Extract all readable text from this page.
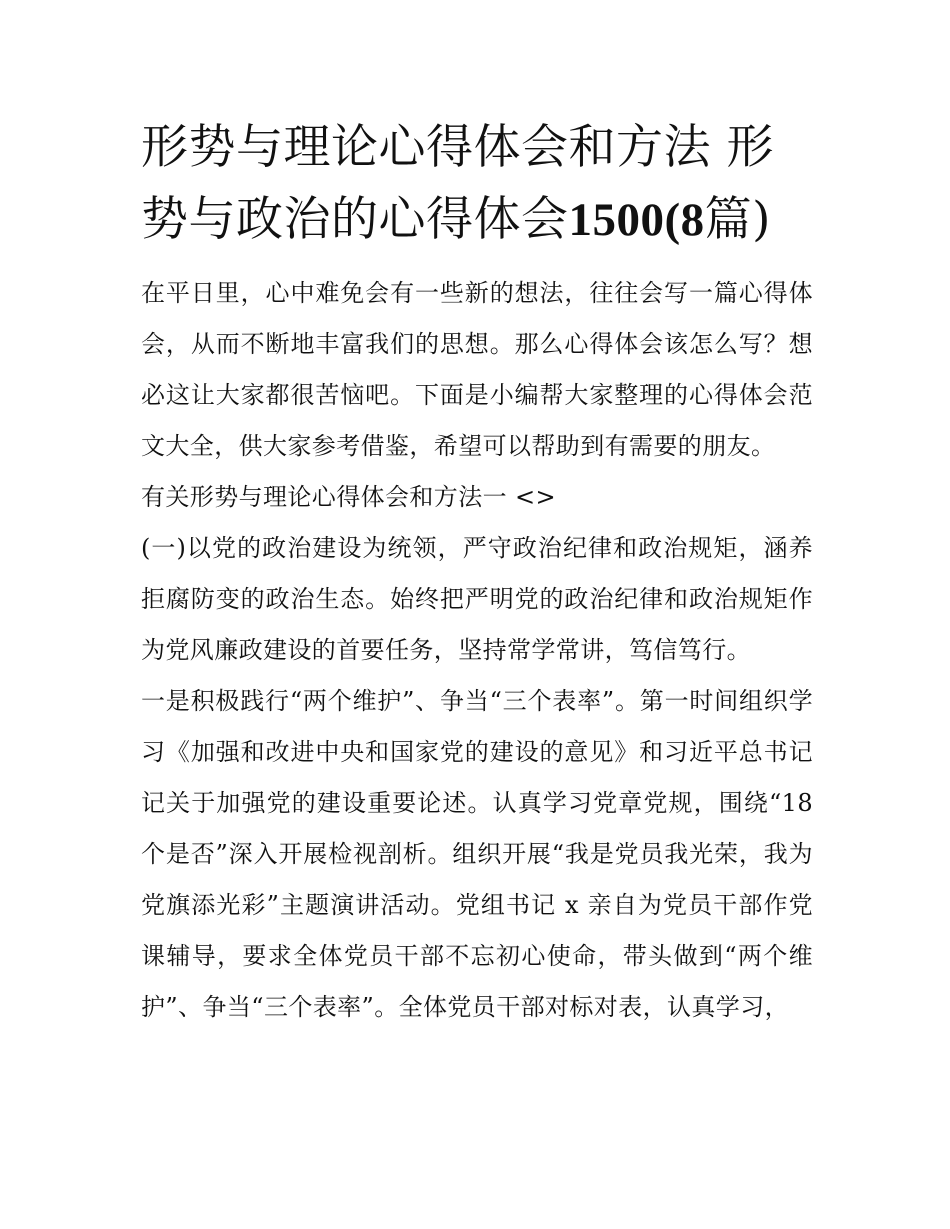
形势与理论心得体会和方法 形势与政治的心得体会1500(8篇)

在平日里，心中难免会有一些新的想法，往往会写一篇心得体会，从而不断地丰富我们的思想。那么心得体会该怎么写？想必这让大家都很苦恼吧。下面是小编帮大家整理的心得体会范文大全，供大家参考借鉴，希望可以帮助到有需要的朋友。

有关形势与理论心得体会和方法一 <>

(一)以党的政治建设为统领，严守政治纪律和政治规矩，涵养拒腐防变的政治生态。始终把严明党的政治纪律和政治规矩作为党风廉政建设的首要任务，坚持常学常讲，笃信笃行。

一是积极践行“两个维护”、争当“三个表率”。第一时间组织学习《加强和改进中央和国家党的建设的意见》和习近平总书记记关于加强党的建设重要论述。认真学习党章党规，围绕“18个是否”深入开展检视剖析。组织开展“我是党员我光荣，我为党旗添光彩”主题演讲活动。党组书记 x 亲自为党员干部作党课辅导，要求全体党员干部不忘初心使命，带头做到“两个维护”、争当“三个表率”。全体党员干部对标对表，认真学习，
